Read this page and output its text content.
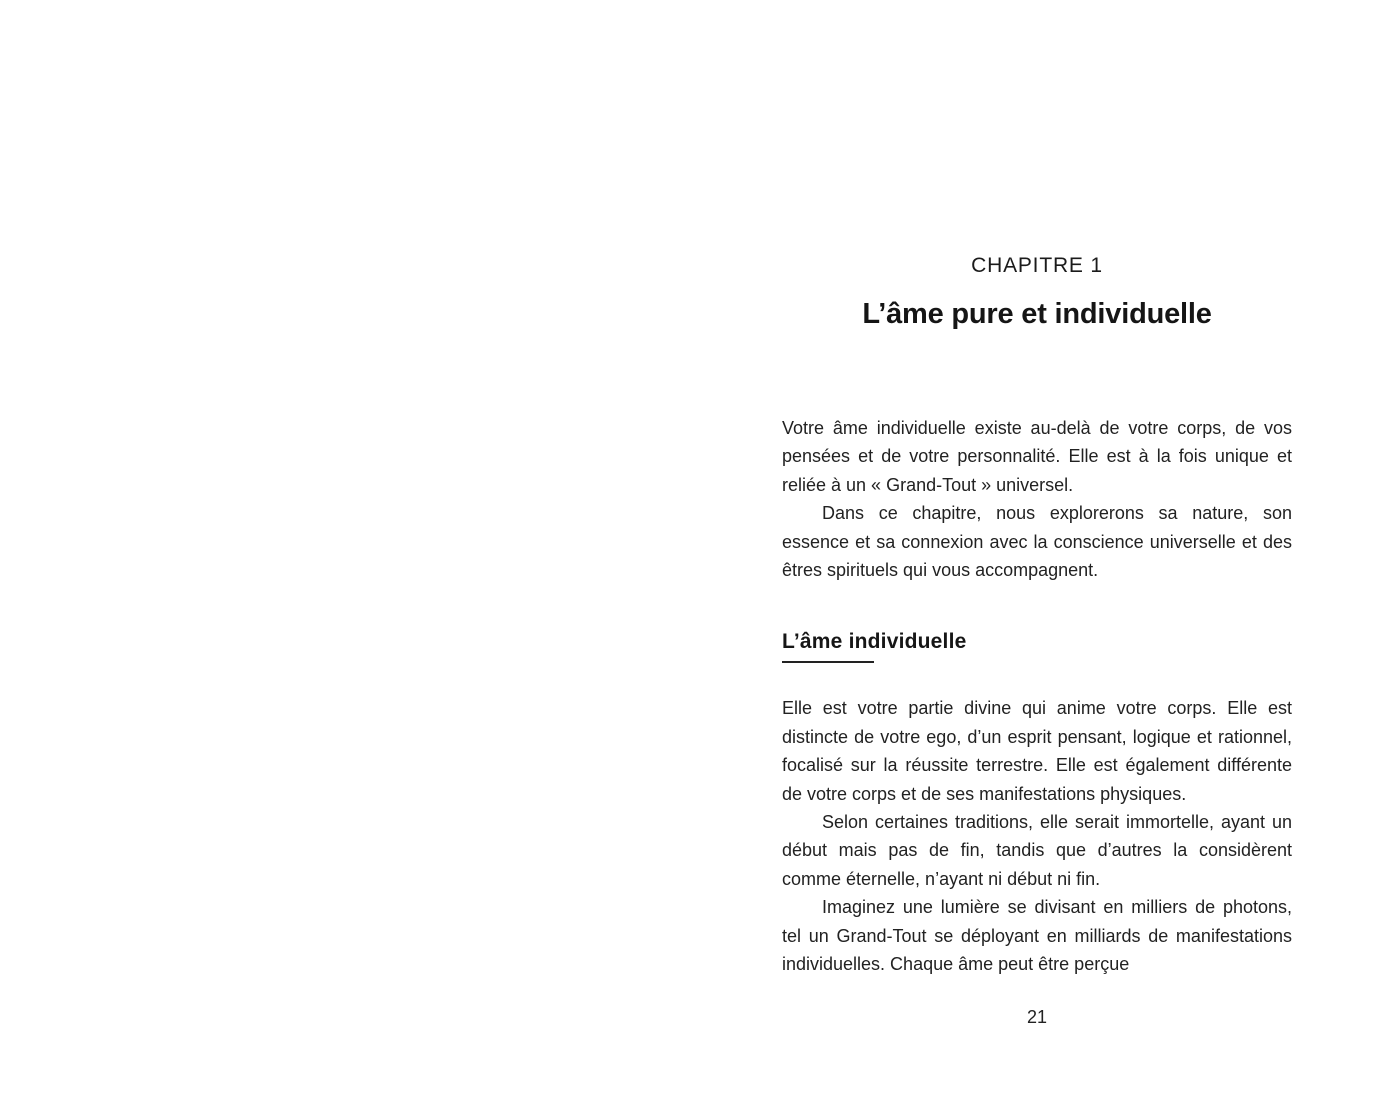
CHAPITRE 1
L’âme pure et individuelle

Votre âme individuelle existe au-delà de votre corps, de vos pensées et de votre personnalité. Elle est à la fois unique et reliée à un « Grand-Tout » universel.

Dans ce chapitre, nous explorerons sa nature, son essence et sa connexion avec la conscience universelle et des êtres spirituels qui vous accompagnent.

L’âme individuelle

Elle est votre partie divine qui anime votre corps. Elle est distincte de votre ego, d’un esprit pensant, logique et rationnel, focalisé sur la réussite terrestre. Elle est également différente de votre corps et de ses manifestations physiques.

Selon certaines traditions, elle serait immortelle, ayant un début mais pas de fin, tandis que d’autres la considèrent comme éternelle, n’ayant ni début ni fin.

Imaginez une lumière se divisant en milliers de photons, tel un Grand-Tout se déployant en milliards de manifestations individuelles. Chaque âme peut être perçue

21
